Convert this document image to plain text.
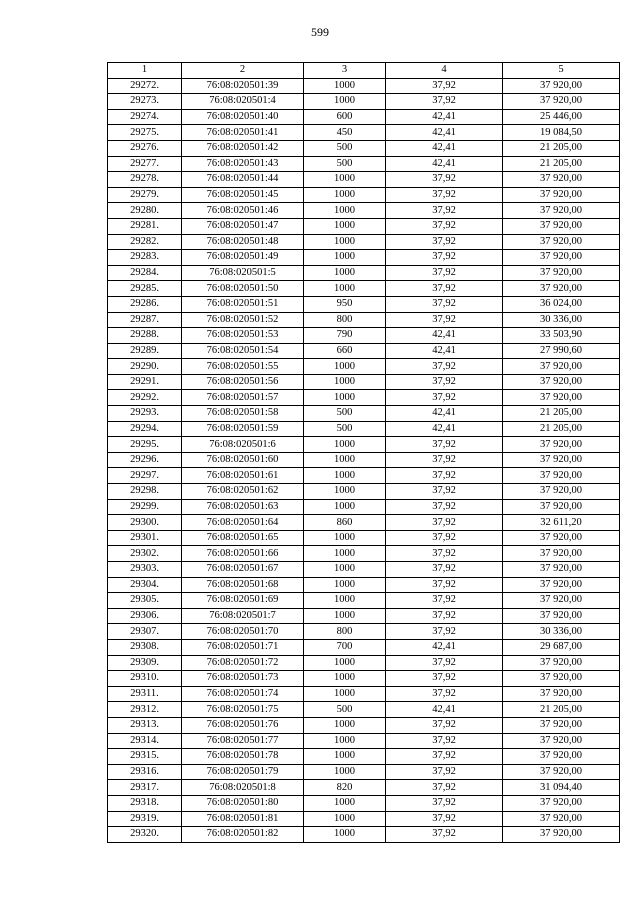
599
1	2	3	4	5
29272.	76:08:020501:39	1000	37,92	37 920,00
29273.	76:08:020501:4	1000	37,92	37 920,00
29274.	76:08:020501:40	600	42,41	25 446,00
29275.	76:08:020501:41	450	42,41	19 084,50
29276.	76:08:020501:42	500	42,41	21 205,00
29277.	76:08:020501:43	500	42,41	21 205,00
29278.	76:08:020501:44	1000	37,92	37 920,00
29279.	76:08:020501:45	1000	37,92	37 920,00
29280.	76:08:020501:46	1000	37,92	37 920,00
29281.	76:08:020501:47	1000	37,92	37 920,00
29282.	76:08:020501:48	1000	37,92	37 920,00
29283.	76:08:020501:49	1000	37,92	37 920,00
29284.	76:08:020501:5	1000	37,92	37 920,00
29285.	76:08:020501:50	1000	37,92	37 920,00
29286.	76:08:020501:51	950	37,92	36 024,00
29287.	76:08:020501:52	800	37,92	30 336,00
29288.	76:08:020501:53	790	42,41	33 503,90
29289.	76:08:020501:54	660	42,41	27 990,60
29290.	76:08:020501:55	1000	37,92	37 920,00
29291.	76:08:020501:56	1000	37,92	37 920,00
29292.	76:08:020501:57	1000	37,92	37 920,00
29293.	76:08:020501:58	500	42,41	21 205,00
29294.	76:08:020501:59	500	42,41	21 205,00
29295.	76:08:020501:6	1000	37,92	37 920,00
29296.	76:08:020501:60	1000	37,92	37 920,00
29297.	76:08:020501:61	1000	37,92	37 920,00
29298.	76:08:020501:62	1000	37,92	37 920,00
29299.	76:08:020501:63	1000	37,92	37 920,00
29300.	76:08:020501:64	860	37,92	32 611,20
29301.	76:08:020501:65	1000	37,92	37 920,00
29302.	76:08:020501:66	1000	37,92	37 920,00
29303.	76:08:020501:67	1000	37,92	37 920,00
29304.	76:08:020501:68	1000	37,92	37 920,00
29305.	76:08:020501:69	1000	37,92	37 920,00
29306.	76:08:020501:7	1000	37,92	37 920,00
29307.	76:08:020501:70	800	37,92	30 336,00
29308.	76:08:020501:71	700	42,41	29 687,00
29309.	76:08:020501:72	1000	37,92	37 920,00
29310.	76:08:020501:73	1000	37,92	37 920,00
29311.	76:08:020501:74	1000	37,92	37 920,00
29312.	76:08:020501:75	500	42,41	21 205,00
29313.	76:08:020501:76	1000	37,92	37 920,00
29314.	76:08:020501:77	1000	37,92	37 920,00
29315.	76:08:020501:78	1000	37,92	37 920,00
29316.	76:08:020501:79	1000	37,92	37 920,00
29317.	76:08:020501:8	820	37,92	31 094,40
29318.	76:08:020501:80	1000	37,92	37 920,00
29319.	76:08:020501:81	1000	37,92	37 920,00
29320.	76:08:020501:82	1000	37,92	37 920,00
